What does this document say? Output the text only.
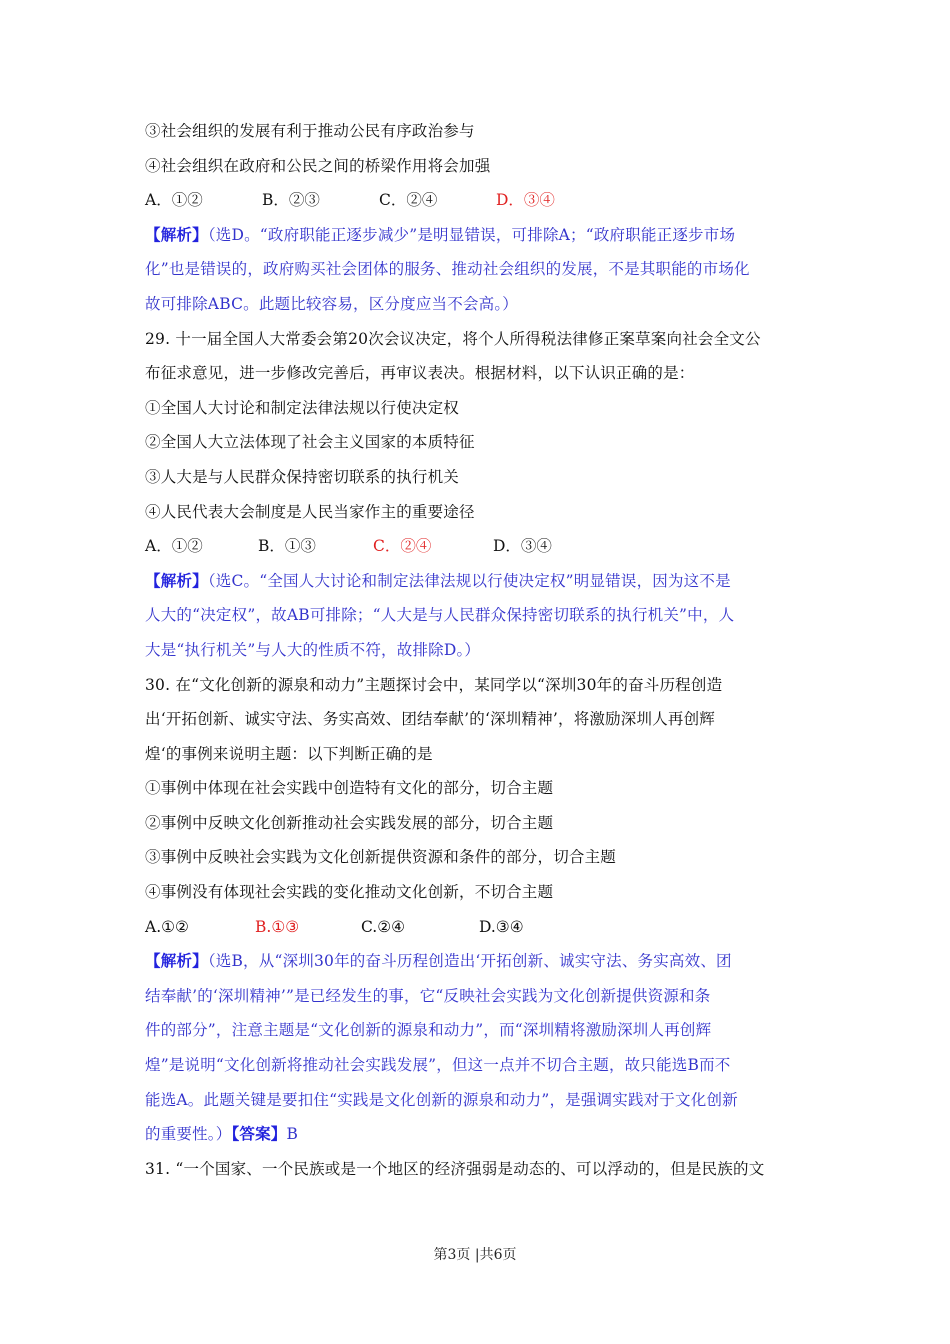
③社会组织的发展有利于推动公民有序政治参与
④社会组织在政府和公民之间的桥梁作用将会加强
A．①②	B．②③	C．②④	D．③④
【解析】（选D。“政府职能正逐步减少”是明显错误，可排除A；“政府职能正逐步市场
化”也是错误的，政府购买社会团体的服务、推动社会组织的发展，不是其职能的市场化
故可排除ABC。此题比较容易，区分度应当不会高。）
29. 十一届全国人大常委会第20次会议决定，将个人所得税法律修正案草案向社会全文公
布征求意见，进一步修改完善后，再审议表决。根据材料，以下认识正确的是：
①全国人大讨论和制定法律法规以行使决定权
②全国人大立法体现了社会主义国家的本质特征
③人大是与人民群众保持密切联系的执行机关
④人民代表大会制度是人民当家作主的重要途径
A．①②	B．①③	C．②④	D．③④
【解析】（选C。“全国人大讨论和制定法律法规以行使决定权”明显错误，因为这不是
人大的“决定权”，故AB可排除；“人大是与人民群众保持密切联系的执行机关”中，人
大是“执行机关”与人大的性质不符，故排除D。）
30. 在“文化创新的源泉和动力”主题探讨会中，某同学以“深圳30年的奋斗历程创造
出‘开拓创新、诚实守法、务实高效、团结奉献’的‘深圳精神’，将激励深圳人再创辉
煌‘的事例来说明主题：以下判断正确的是
①事例中体现在社会实践中创造特有文化的部分，切合主题
②事例中反映文化创新推动社会实践发展的部分，切合主题
③事例中反映社会实践为文化创新提供资源和条件的部分，切合主题
④事例没有体现社会实践的变化推动文化创新，不切合主题
A.①②	B.①③	C.②④	D.③④
【解析】（选B，从“深圳30年的奋斗历程创造出‘开拓创新、诚实守法、务实高效、团
结奉献’的‘深圳精神’”是已经发生的事，它“反映社会实践为文化创新提供资源和条
件的部分”，注意主题是“文化创新的源泉和动力”，而“深圳精将激励深圳人再创辉
煌”是说明“文化创新将推动社会实践发展”，但这一点并不切合主题，故只能选B而不
能选A。此题关键是要扣住“实践是文化创新的源泉和动力”，是强调实践对于文化创新
的重要性。）【答案】B
31. “一个国家、一个民族或是一个地区的经济强弱是动态的、可以浮动的，但是民族的文
第3页 |共6页
